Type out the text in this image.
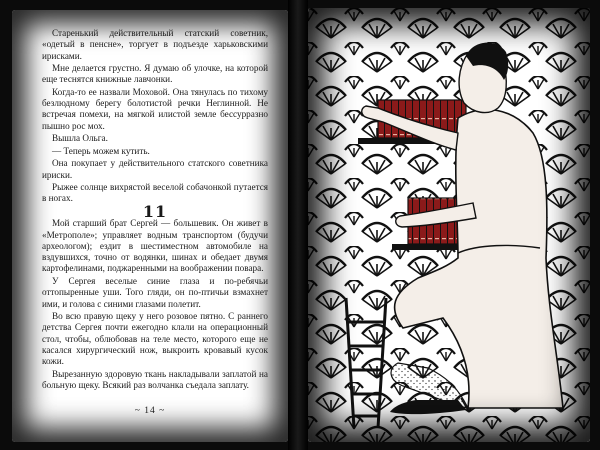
Старенький действительный статский советник, «одетый в пенсне», торгует в подъезде харьковскими ирисками.

Мне делается грустно. Я думаю об улочке, на которой еще теснятся книжные лавчонки.

Когда-то ее назвали Моховой. Она тянулась по тихому безлюдному берегу болотистой речки Неглинной. Не встречая помехи, на мягкой илистой земле бессурразно пышно рос мох.

Вышла Ольга.

— Теперь можем кутить.

Она покупает у действительного статского советника ириски.

Рыжее солнце вихрястой веселой собачонкой путается в ногах.

11

Мой старший брат Сергей — большевик. Он живет в «Метрополе»; управляет водным транспортом (будучи археологом); ездит в шестиместном автомобиле на вздувшихся, точно от водянки, шинах и обедает двумя картофелинами, поджаренными на воображении повара.

У Сергея веселые синие глаза и по-ребячьи оттопыренные уши. Того гляди, он по-птичьи взмахнет ими, и голова с синими глазами полетит.

Во всю правую щеку у него розовое пятно. С раннего детства Сергея почти ежегодно клали на операционный стол, чтобы, облюбовав на теле место, которого еще не касался хирургический нож, выкроить кровавый кусок кожи.

Вырезанную здоровую ткань накладывали заплатой на больную щеку. Всякий раз волчанка съедала заплату.

~ 14 ~
